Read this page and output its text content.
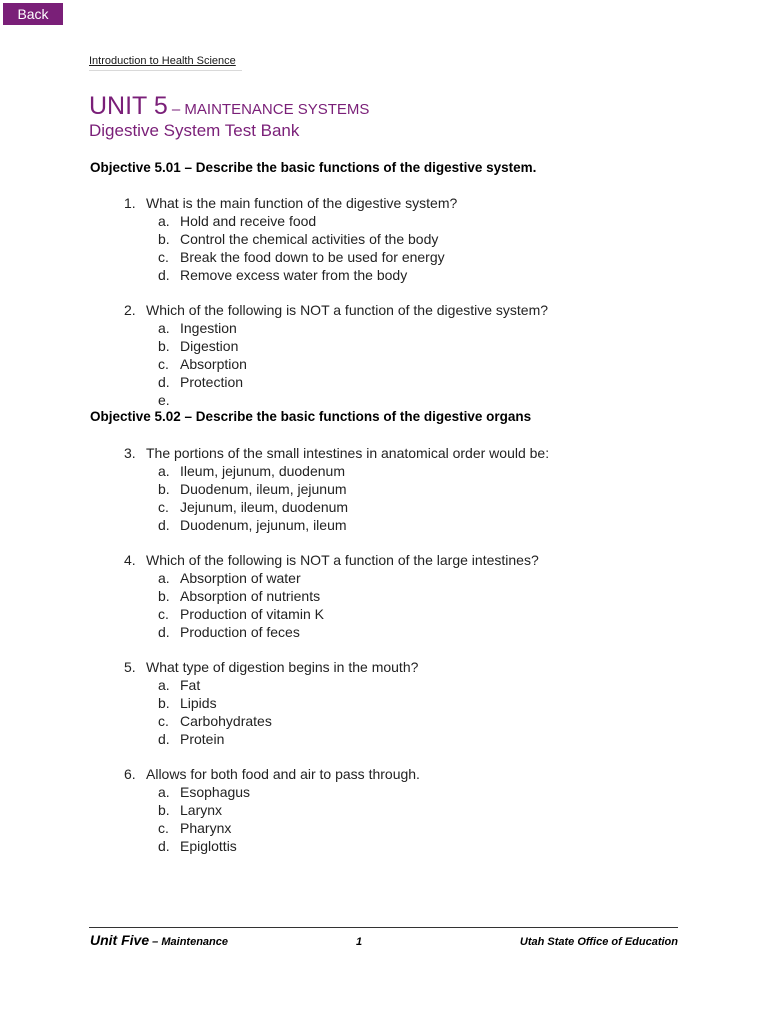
Back
Introduction to Health Science
UNIT 5 – MAINTENANCE SYSTEMS
Digestive System Test Bank
Objective 5.01 – Describe the basic functions of the digestive system.
1. What is the main function of the digestive system?
a. Hold and receive food
b. Control the chemical activities of the body
c. Break the food down to be used for energy
d. Remove excess water from the body
2. Which of the following is NOT a function of the digestive system?
a. Ingestion
b. Digestion
c. Absorption
d. Protection
e.
Objective 5.02 – Describe the basic functions of the digestive organs
3. The portions of the small intestines in anatomical order would be:
a. Ileum, jejunum, duodenum
b. Duodenum, ileum, jejunum
c. Jejunum, ileum, duodenum
d. Duodenum, jejunum, ileum
4. Which of the following is NOT a function of the large intestines?
a. Absorption of water
b. Absorption of nutrients
c. Production of vitamin K
d. Production of feces
5. What type of digestion begins in the mouth?
a. Fat
b. Lipids
c. Carbohydrates
d. Protein
6. Allows for both food and air to pass through.
a. Esophagus
b. Larynx
c. Pharynx
d. Epiglottis
Unit Five – Maintenance	1	Utah State Office of Education
